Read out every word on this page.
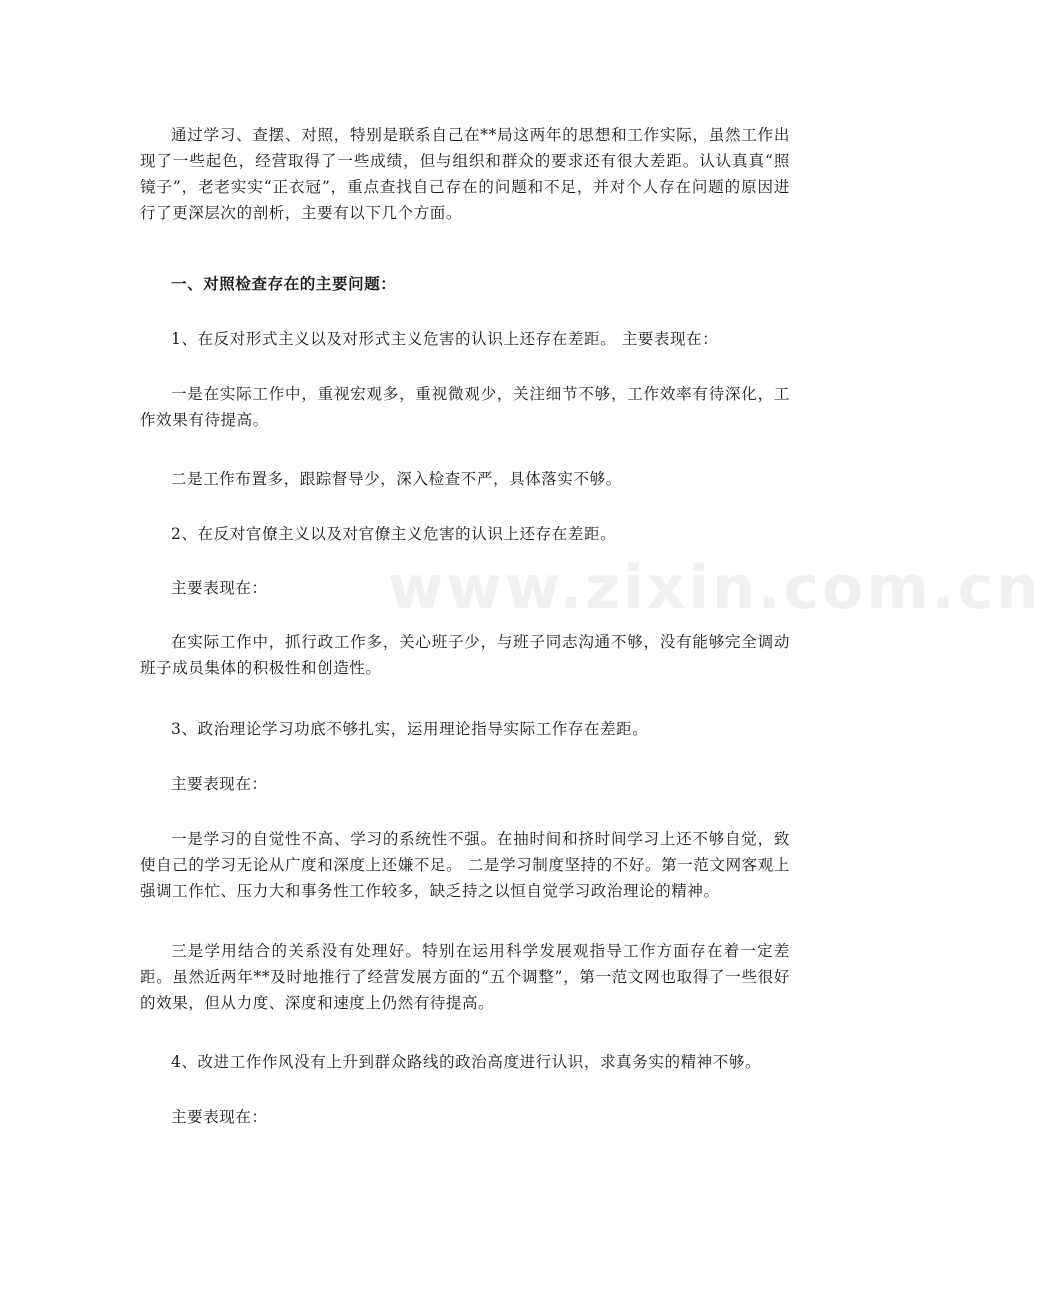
通过学习、查摆、对照，特别是联系自己在**局这两年的思想和工作实际，虽然工作出现了一些起色，经营取得了一些成绩，但与组织和群众的要求还有很大差距。认认真真“照镜子”，老老实实“正衣冠”，重点查找自己存在的问题和不足，并对个人存在问题的原因进行了更深层次的剖析，主要有以下几个方面。

一、对照检查存在的主要问题：

1、在反对形式主义以及对形式主义危害的认识上还存在差距。 主要表现在：

一是在实际工作中，重视宏观多，重视微观少，关注细节不够，工作效率有待深化，工作效果有待提高。

二是工作布置多，跟踪督导少，深入检查不严，具体落实不够。

2、在反对官僚主义以及对官僚主义危害的认识上还存在差距。

主要表现在：

在实际工作中，抓行政工作多，关心班子少，与班子同志沟通不够，没有能够完全调动班子成员集体的积极性和创造性。

3、政治理论学习功底不够扎实，运用理论指导实际工作存在差距。

主要表现在：

一是学习的自觉性不高、学习的系统性不强。在抽时间和挤时间学习上还不够自觉，致使自己的学习无论从广度和深度上还嫌不足。 二是学习制度坚持的不好。第一范文网客观上强调工作忙、压力大和事务性工作较多，缺乏持之以恒自觉学习政治理论的精神。

三是学用结合的关系没有处理好。特别在运用科学发展观指导工作方面存在着一定差距。虽然近两年**及时地推行了经营发展方面的“五个调整”，第一范文网也取得了一些很好的效果，但从力度、深度和速度上仍然有待提高。

4、改进工作作风没有上升到群众路线的政治高度进行认识，求真务实的精神不够。

主要表现在：

www.zixin.com.cn
